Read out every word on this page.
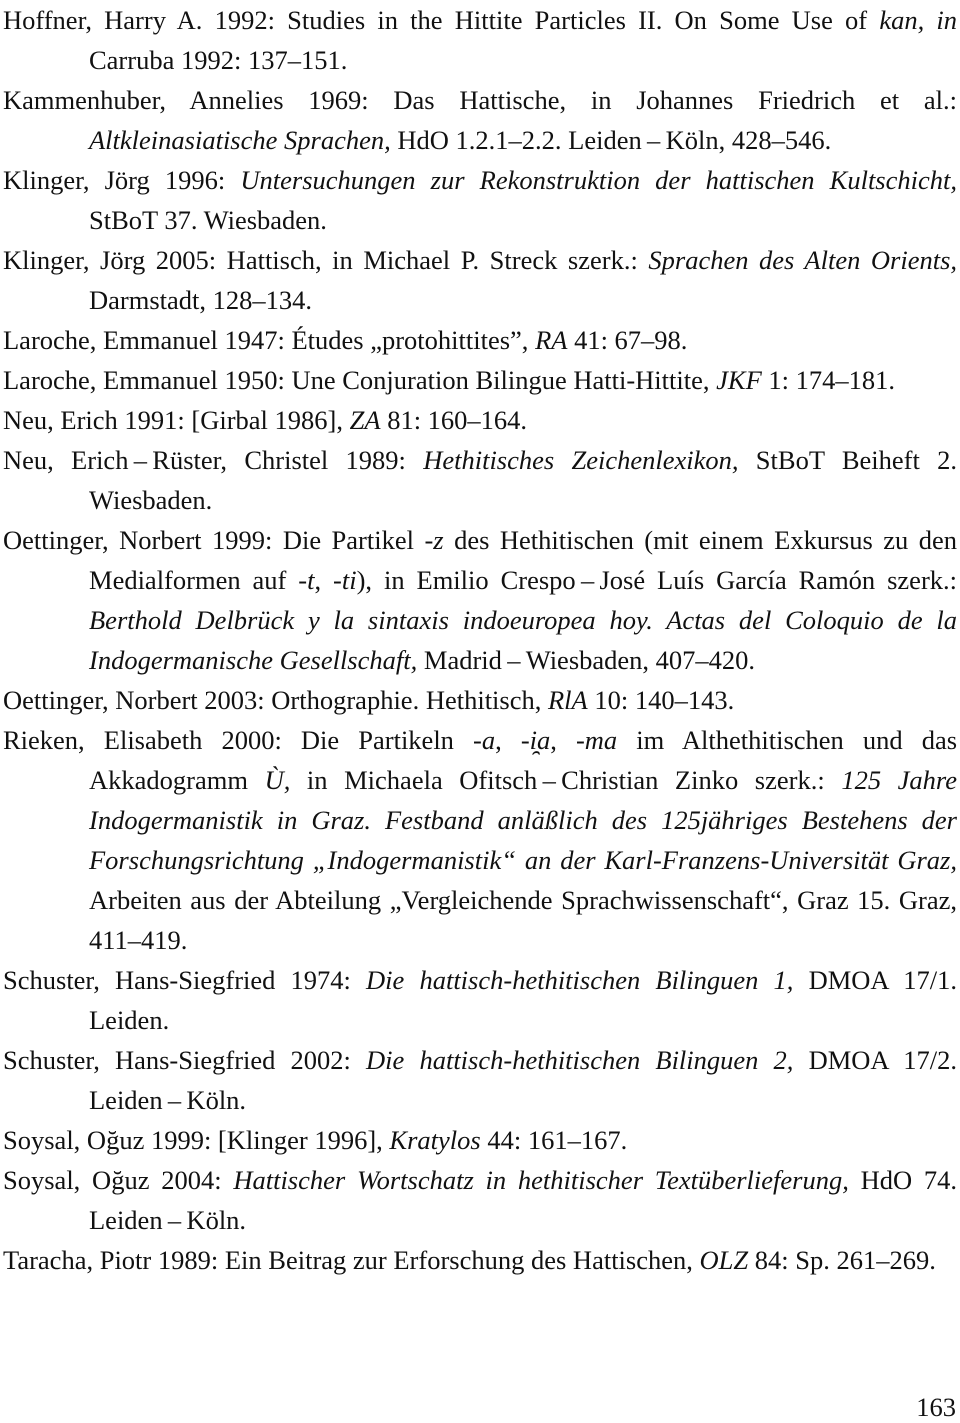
Hoffner, Harry A. 1992: Studies in the Hittite Particles II. On Some Use of kan, in Carruba 1992: 137–151.

Kammenhuber, Annelies 1969: Das Hattische, in Johannes Friedrich et al.: Altkleinasiatische Sprachen, HdO 1.2.1–2.2. Leiden – Köln, 428–546.

Klinger, Jörg 1996: Untersuchungen zur Rekonstruktion der hattischen Kultschicht, StBoT 37. Wiesbaden.

Klinger, Jörg 2005: Hattisch, in Michael P. Streck szerk.: Sprachen des Alten Orients, Darmstadt, 128–134.

Laroche, Emmanuel 1947: Études „protohittites”, RA 41: 67–98.

Laroche, Emmanuel 1950: Une Conjuration Bilingue Hatti-Hittite, JKF 1: 174–181.

Neu, Erich 1991: [Girbal 1986], ZA 81: 160–164.

Neu, Erich – Rüster, Christel 1989: Hethitisches Zeichenlexikon, StBoT Beiheft 2. Wiesbaden.

Oettinger, Norbert 1999: Die Partikel -z des Hethitischen (mit einem Exkursus zu den Medialformen auf -t, -ti), in Emilio Crespo – José Luís García Ramón szerk.: Berthold Delbrück y la sintaxis indoeuropea hoy. Actas del Coloquio de la Indogermanische Gesellschaft, Madrid – Wiesbaden, 407–420.

Oettinger, Norbert 2003: Orthographie. Hethitisch, RlA 10: 140–143.

Rieken, Elisabeth 2000: Die Partikeln -a, -i̯a, -ma im Althethitischen und das Akkadogramm Ù, in Michaela Ofitsch – Christian Zinko szerk.: 125 Jahre Indogermanistik in Graz. Festband anläßlich des 125jähriges Bestehens der Forschungsrichtung „Indogermanistik“ an der Karl-Franzens-Universität Graz, Arbeiten aus der Abteilung „Vergleichende Sprachwissenschaft“, Graz 15. Graz, 411–419.

Schuster, Hans-Siegfried 1974: Die hattisch-hethitischen Bilinguen 1, DMOA 17/1. Leiden.

Schuster, Hans-Siegfried 2002: Die hattisch-hethitischen Bilinguen 2, DMOA 17/2. Leiden – Köln.

Soysal, Oğuz 1999: [Klinger 1996], Kratylos 44: 161–167.

Soysal, Oğuz 2004: Hattischer Wortschatz in hethitischer Textüberlieferung, HdO 74. Leiden – Köln.

Taracha, Piotr 1989: Ein Beitrag zur Erforschung des Hattischen, OLZ 84: Sp. 261–269.

163
